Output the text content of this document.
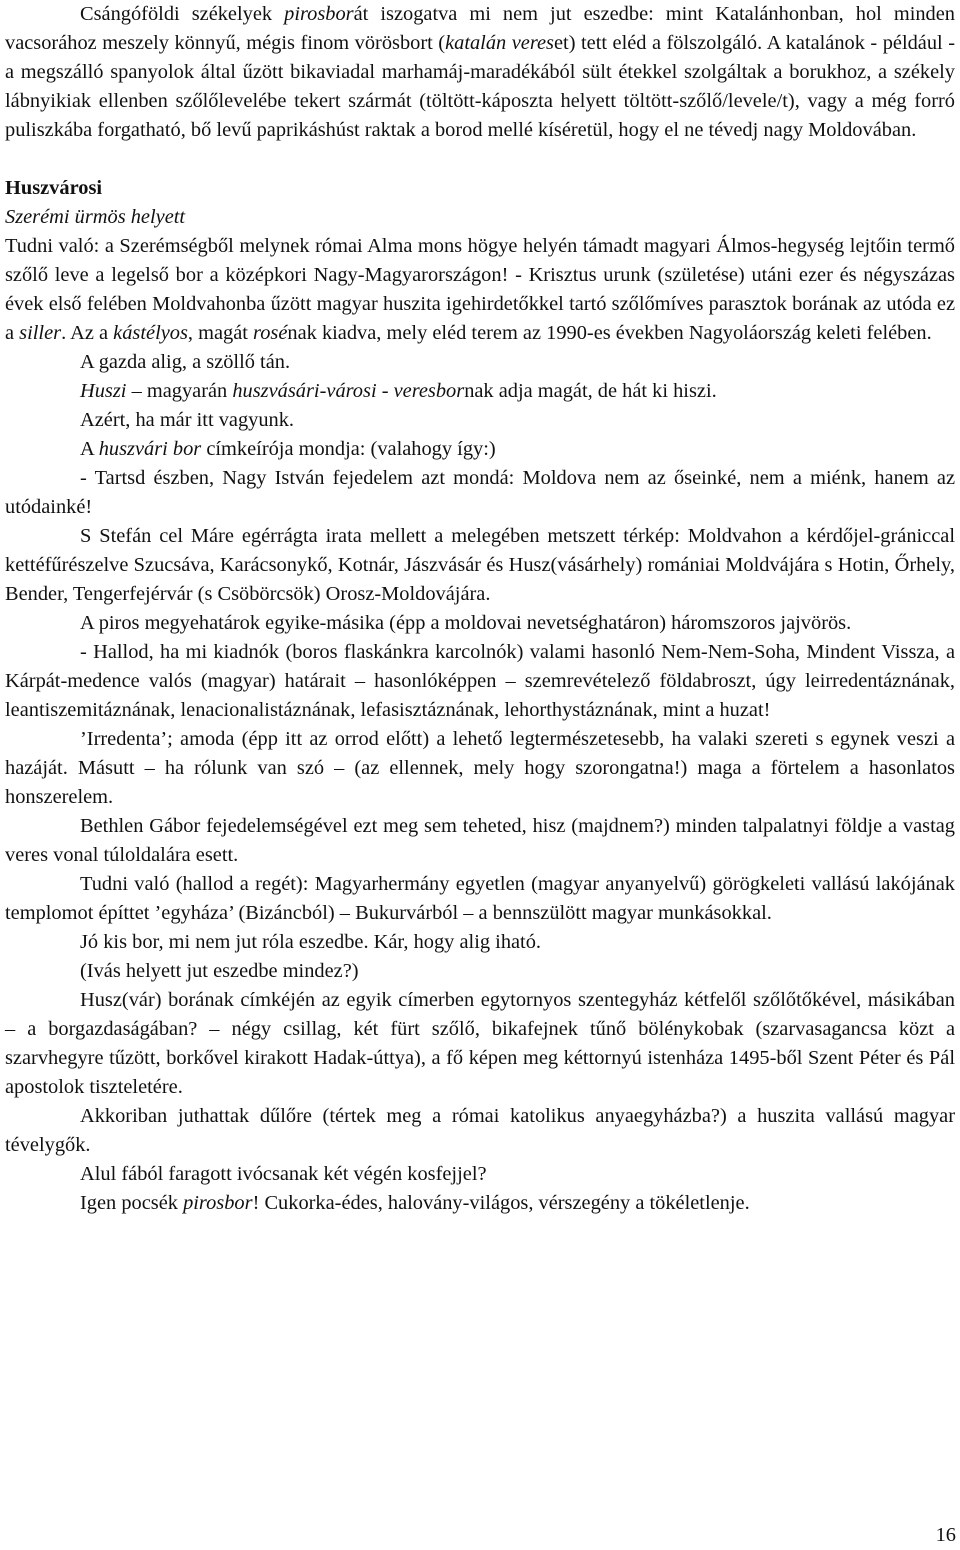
Csángóföldi székelyek pirosborát iszogatva mi nem jut eszedbe: mint Katalánhonban, hol minden vacsorához meszely könnyű, mégis finom vörösbort (katalán vereset) tett eléd a fölszolgáló. A katalánok - például - a megszálló spanyolok által űzött bikaviadal marhamáj-maradékából sült étekkel szolgáltak a borukhoz, a székely lábnyikiak ellenben szőlőlevelébe tekert szármát (töltött-káposzta helyett töltött-szőlő/levele/t), vagy a még forró puliszkába forgatható, bő levű paprikáshúst raktak a borod mellé kíséretül, hogy el ne tévedj nagy Moldovában.

Huszvárosi

Szerémi ürmös helyett

Tudni való: a Szerémségből melynek római Alma mons högye helyén támadt magyari Álmos-hegység lejtőin termő szőlő leve a legelső bor a középkori Nagy-Magyarországon! - Krisztus urunk (születése) utáni ezer és négyszázas évek első felében Moldvahonba űzött magyar huszita igehirdetőkkel tartó szőlőmíves parasztok borának az utóda ez a siller. Az a kástélyos, magát rosénak kiadva, mely eléd terem az 1990-es években Nagyoláország keleti felében.

A gazda alig, a szöllő tán.

Huszi – magyarán huszvásári-városi - veresbornak adja magát, de hát ki hiszi.

Azért, ha már itt vagyunk.

A huszvári bor címkeírója mondja: (valahogy így:)

- Tartsd észben, Nagy István fejedelem azt mondá: Moldova nem az őseinké, nem a miénk, hanem az utódainké!

S Stefán cel Máre egérrágta irata mellett a melegében metszett térkép: Moldvahon a kérdőjel-gránicсal kettéfűrészelve Szucsáva, Karácsonykő, Kotnár, Jászvásár és Husz(vásárhely) romániai Moldvájára s Hotin, Őrhely, Bender, Tengerfejérvár (s Csöbörcsök) Orosz-Moldovájára.

A piros megyehatárok egyike-másika (épp a moldovai nevetséghatáron) háromszoros jajvörös.

- Hallod, ha mi kiadnók (boros flaskánkra karcolnók) valami hasonló Nem-Nem-Soha, Mindent Vissza, a Kárpát-medence valós (magyar) határait – hasonlóképpen – szemrevételező földabroszt, úgy leirredentáznának, leantiszemitáznának, lenacionalistáznának, lefasisztáznának, lehorthystáznának, mint a huzat!

’Irredenta’; amoda (épp itt az orrod előtt) a lehető legtermészetesebb, ha valaki szereti s egynek veszi a hazáját. Másutt – ha rólunk van szó – (az ellennek, mely hogy szorongatna!) maga a förtelem a hasonlatos honszerelem.

Bethlen Gábor fejedelemségével ezt meg sem teheted, hisz (majdnem?) minden talpalatnyi földje a vastag veres vonal túloldalára esett.

Tudni való (hallod a regét): Magyarhermány egyetlen (magyar anyanyelvű) görögkeleti vallású lakójának templomot építtet ’egyháza’ (Bizáncból) – Bukurvárból – a bennszülött magyar munkásokkal.

Jó kis bor, mi nem jut róla eszedbe. Kár, hogy alig iható.

(Ivás helyett jut eszedbe mindez?)

Husz(vár) borának címkéjén az egyik címerben egytornyos szentegyház kétfelől szőlőtőkével, másikában – a borgazdaságában? – négy csillag, két fürt szőlő, bikafejnek tűnő bölénykobak (szarvasagancsa közt a szarvhegyre tűzött, borkővel kirakott Hadak-úttya), a fő képen meg kéttornyú istenháza 1495-ből Szent Péter és Pál apostolok tiszteletére.

Akkoriban juthattak dűlőre (tértek meg a római katolikus anyaegyházba?) a huszita vallású magyar tévelygők.

Alul fából faragott ivócsanak két végén kosfejjel?

Igen pocsék pirosbor! Cukorka-édes, halovány-világos, vérszegény a tökéletlenje.

16
